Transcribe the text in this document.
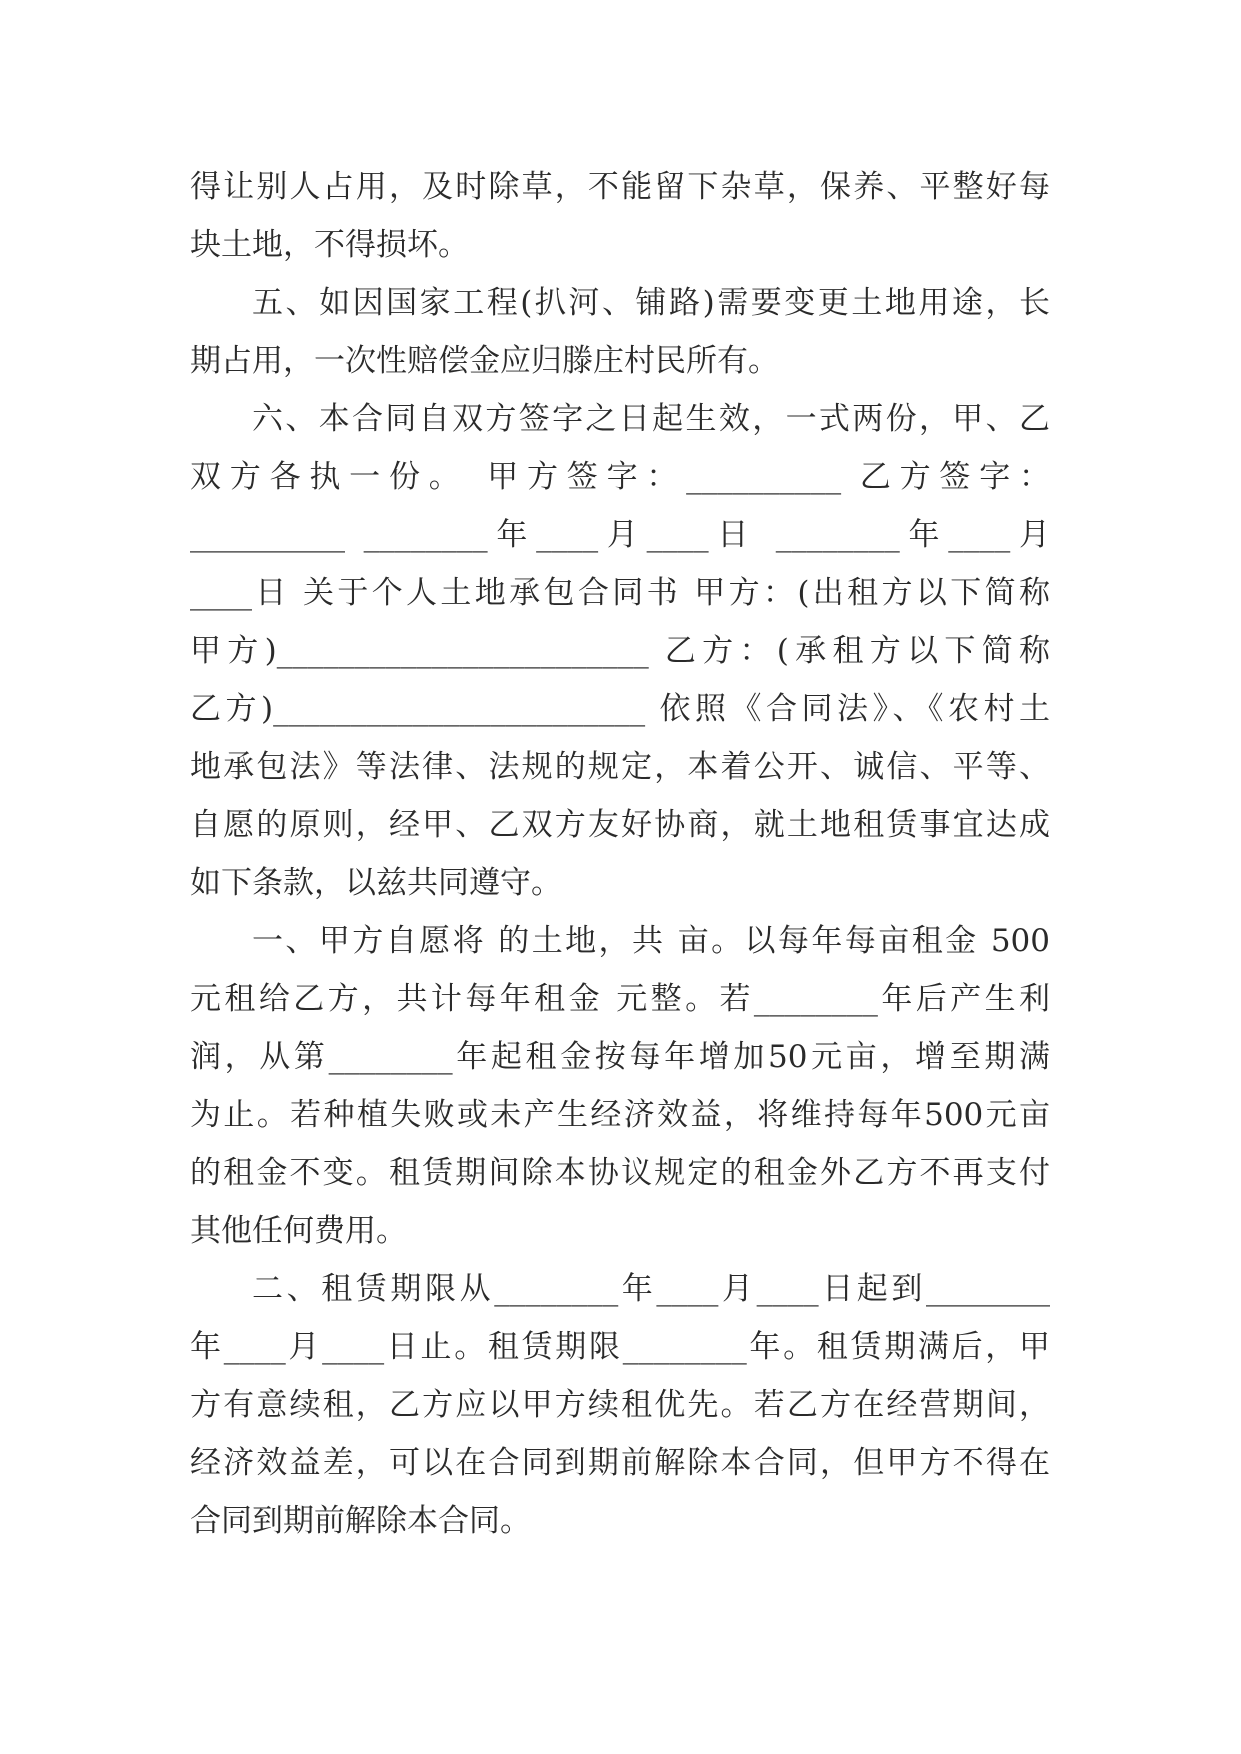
得让别人占用，及时除草，不能留下杂草，保养、平整好每
块土地，不得损坏。
五、如因国家工程(扒河、铺路)需要变更土地用途，长
期占用，一次性赔偿金应归滕庄村民所有。
六、本合同自双方签字之日起生效，一式两份，甲、乙
双方各执一份。 甲方签字：__________ 乙方签字：
__________ ________年____月____日 ________年____月
____日 关于个人土地承包合同书 甲方：(出租方以下简称
甲方)________________________ 乙方：(承租方以下简称
乙方)________________________ 依照《合同法》、《农村土
地承包法》等法律、法规的规定，本着公开、诚信、平等、
自愿的原则，经甲、乙双方友好协商，就土地租赁事宜达成
如下条款，以兹共同遵守。
一、甲方自愿将 的土地，共 亩。以每年每亩租金 500
元租给乙方，共计每年租金 元整。若________年后产生利
润，从第________年起租金按每年增加50元亩，增至期满
为止。若种植失败或未产生经济效益，将维持每年500元亩
的租金不变。租赁期间除本协议规定的租金外乙方不再支付
其他任何费用。
二、租赁期限从________年____月____日起到________
年____月____日止。租赁期限________年。租赁期满后，甲
方有意续租，乙方应以甲方续租优先。若乙方在经营期间，
经济效益差，可以在合同到期前解除本合同，但甲方不得在
合同到期前解除本合同。
